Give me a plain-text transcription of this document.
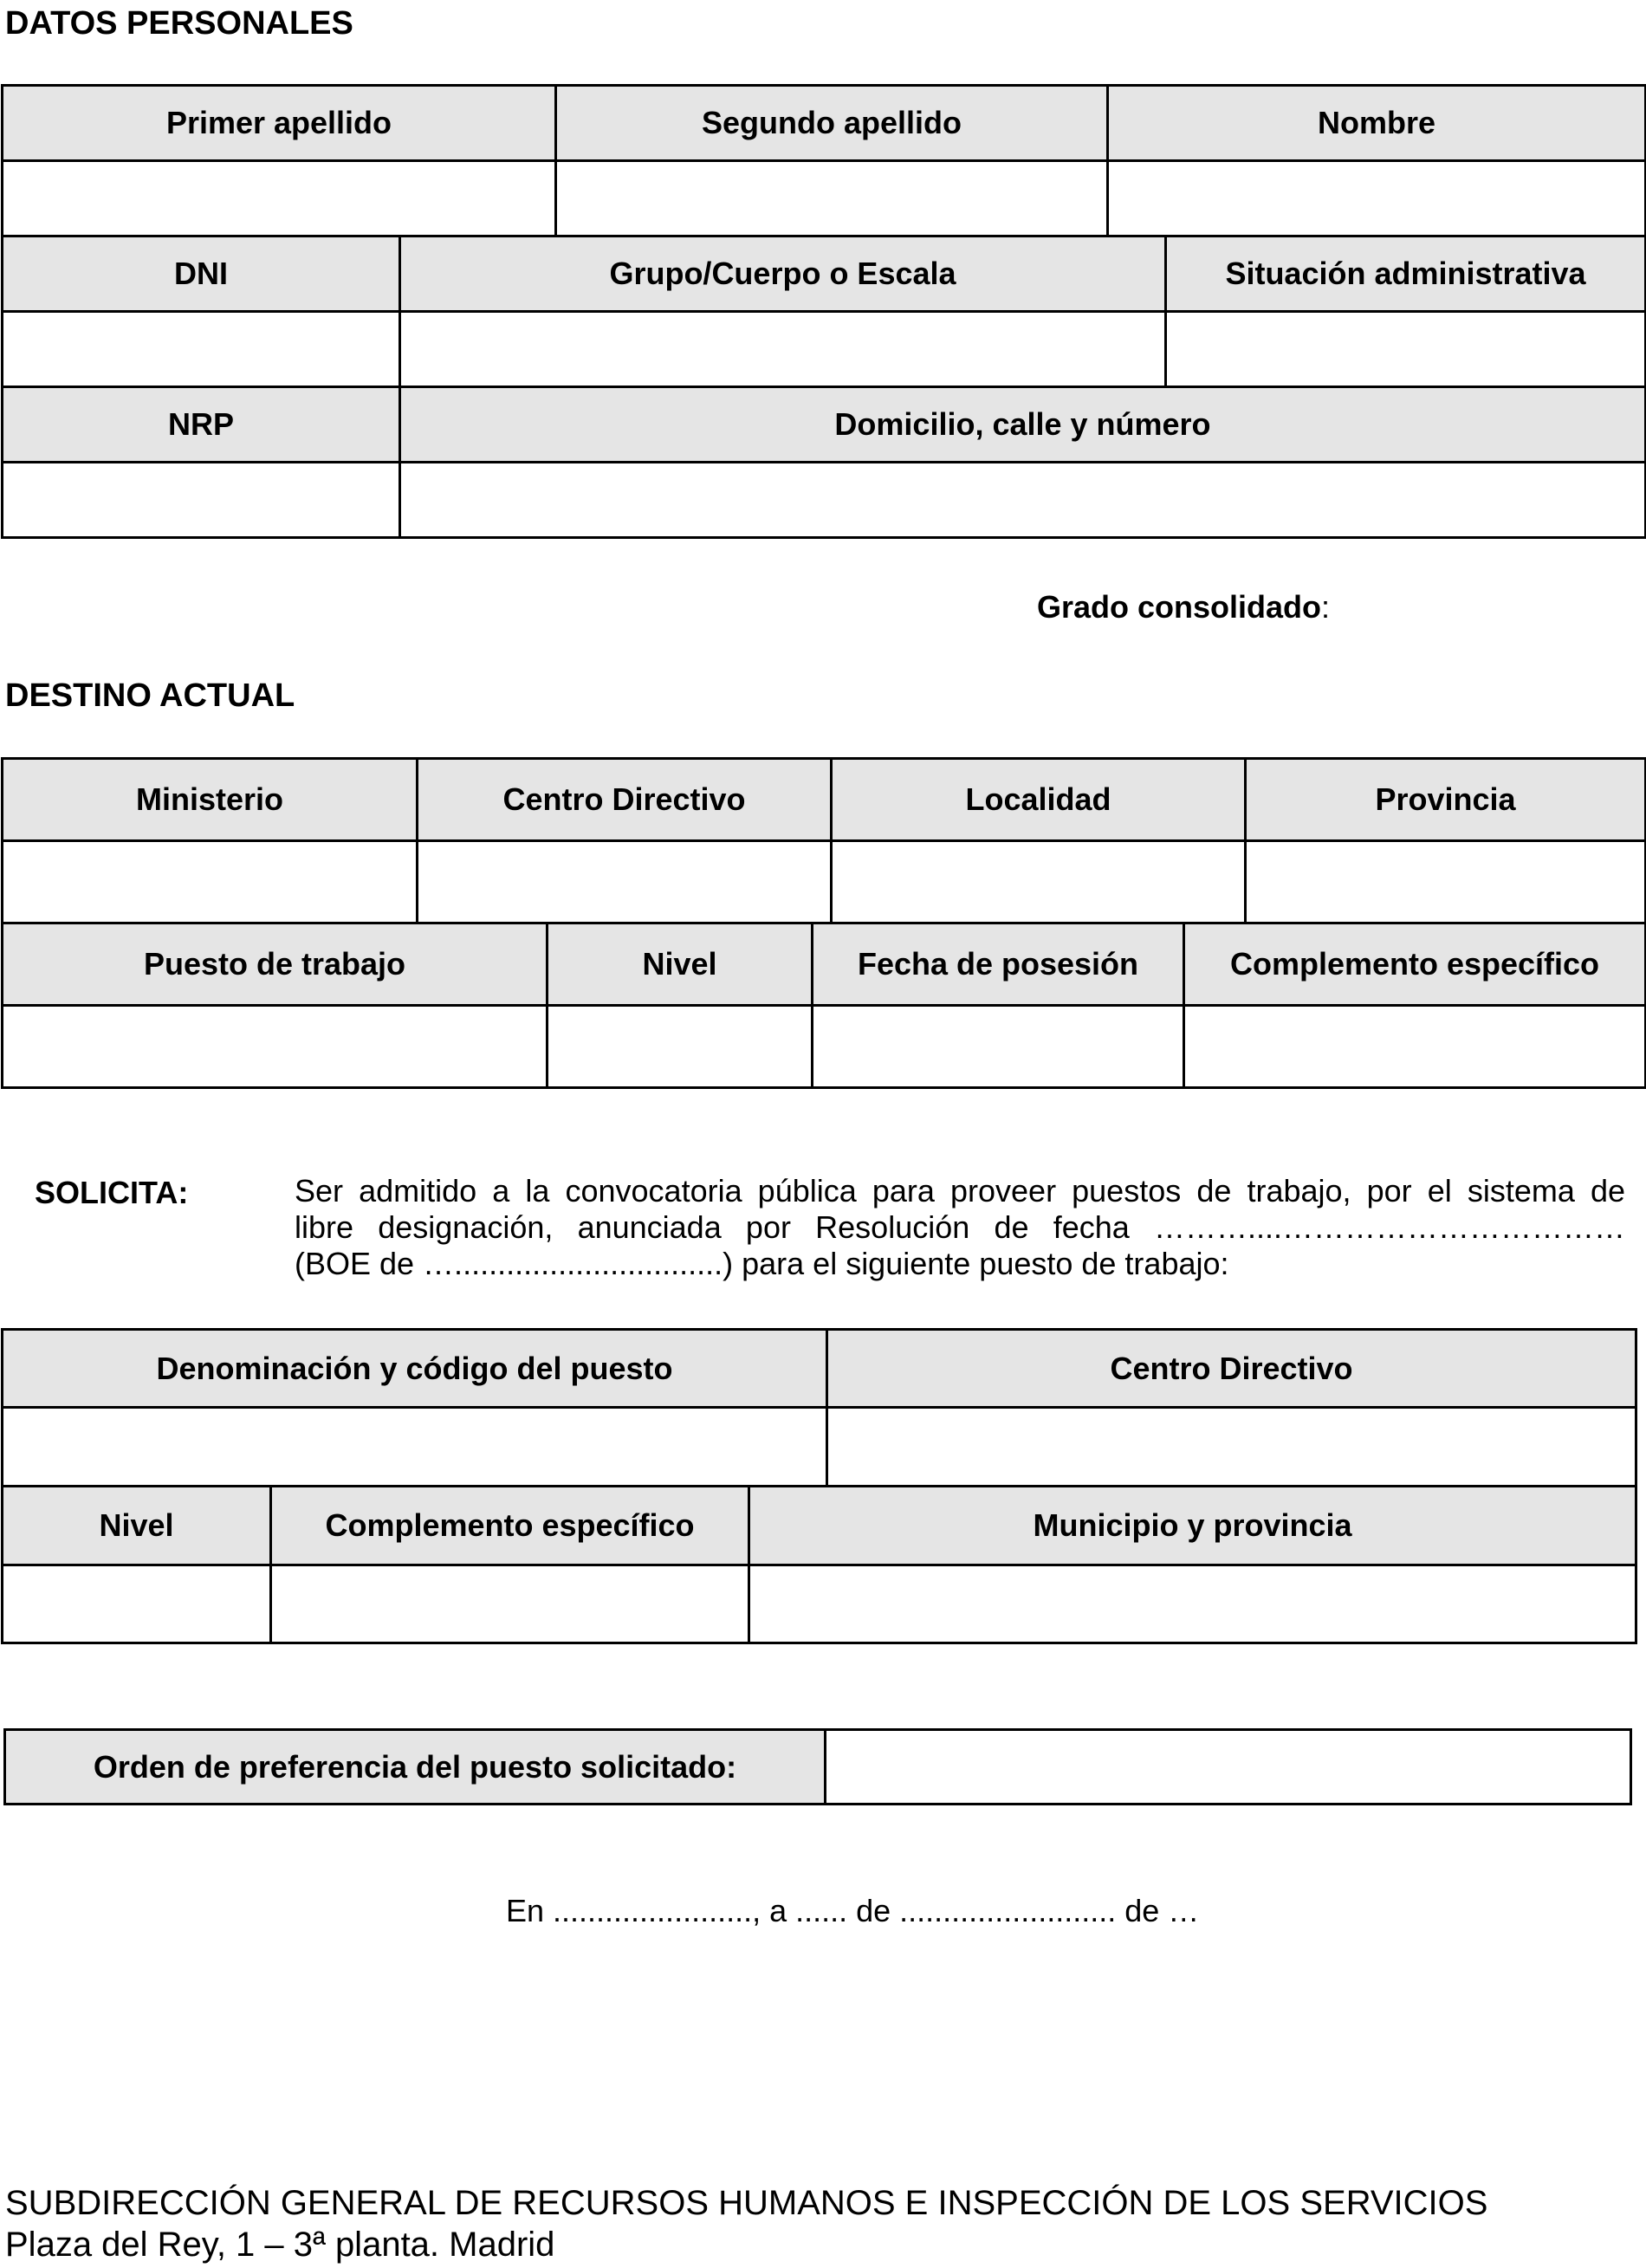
DATOS PERSONALES
Primer apellido	Segundo apellido	Nombre

DNI	Grupo/Cuerpo o Escala	Situación administrativa

NRP	Domicilio, calle y número

Grado consolidado:
DESTINO ACTUAL
Ministerio	Centro Directivo	Localidad	Provincia

Puesto de trabajo	Nivel	Fecha de posesión	Complemento específico

SOLICITA:	Ser admitido a la convocatoria pública para proveer puestos de trabajo, por el sistema de
libre designación, anunciada por Resolución de fecha ………....……………………………
(BOE de …...............................) para el siguiente puesto de trabajo:
Denominación y código del puesto	Centro Directivo

Nivel	Complemento específico	Municipio y provincia

Orden de preferencia del puesto solicitado:	
En ......................., a ...... de ......................... de …
SUBDIRECCIÓN GENERAL DE RECURSOS HUMANOS E INSPECCIÓN DE LOS SERVICIOS
Plaza del Rey, 1 – 3ª planta. Madrid
